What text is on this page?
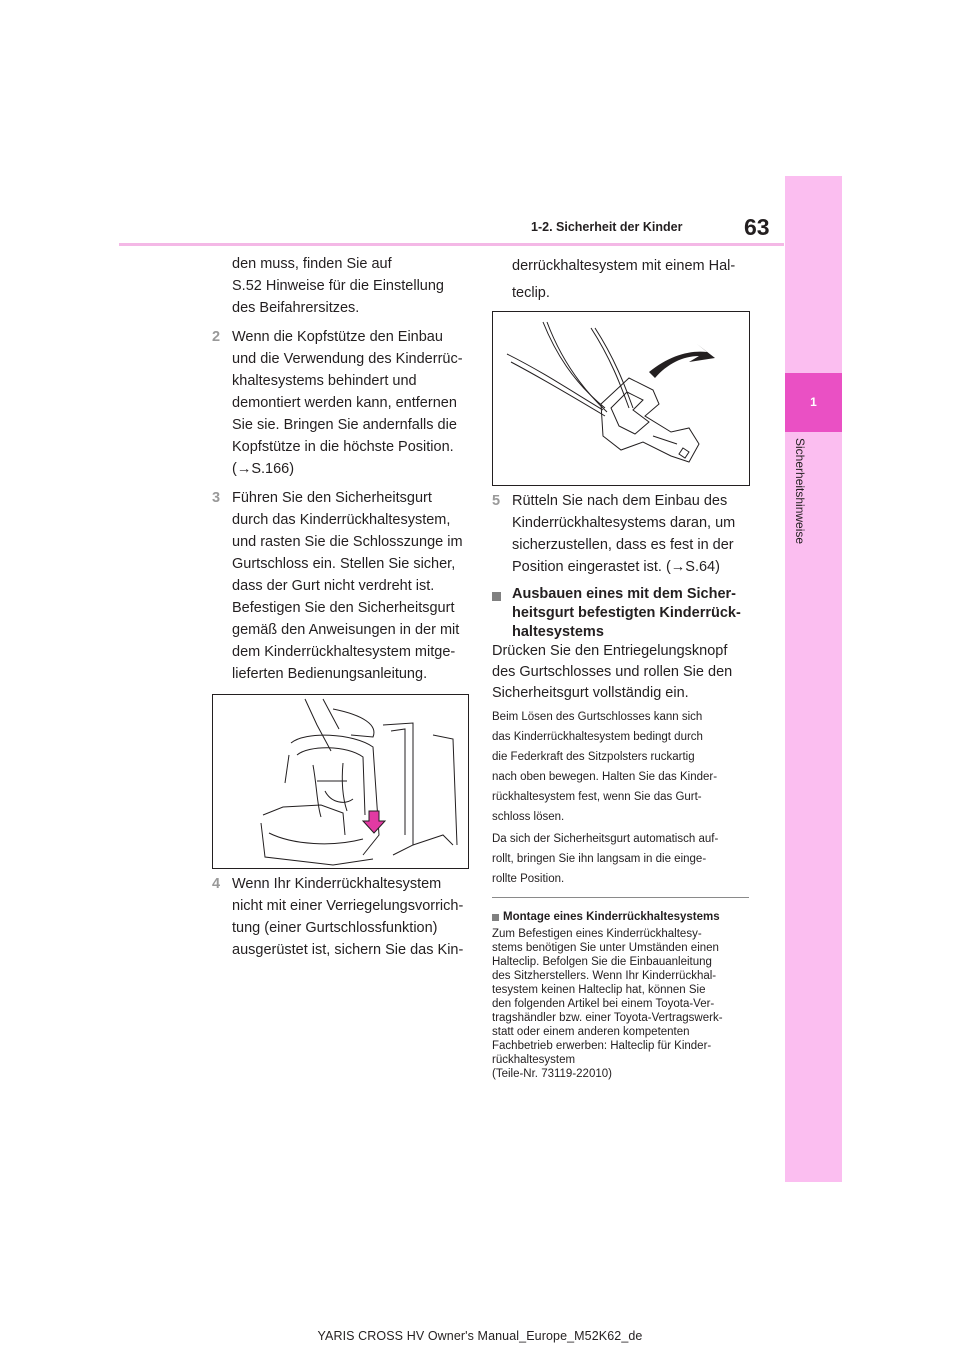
63
1-2. Sicherheit der Kinder
1
Sicherheitshinweise
den muss, finden Sie auf
S.52 Hinweise für die Einstellung
des Beifahrersitzes.
2 Wenn die Kopfstütze den Einbau
und die Verwendung des Kinderrüc-
khaltesystems behindert und
demontiert werden kann, entfernen
Sie sie. Bringen Sie andernfalls die
Kopfstütze in die höchste Position.
(→S.166)
3 Führen Sie den Sicherheitsgurt
durch das Kinderrückhaltesystem,
und rasten Sie die Schlosszunge im
Gurtschloss ein. Stellen Sie sicher,
dass der Gurt nicht verdreht ist.
Befestigen Sie den Sicherheitsgurt
gemäß den Anweisungen in der mit
dem Kinderrückhaltesystem mitge-
lieferten Bedienungsanleitung.
4 Wenn Ihr Kinderrückhaltesystem
nicht mit einer Verriegelungsvorrich-
tung (einer Gurtschlossfunktion)
ausgerüstet ist, sichern Sie das Kin-
derrückhaltesystem mit einem Hal-
teclip.
5 Rütteln Sie nach dem Einbau des
Kinderrückhaltesystems daran, um
sicherzustellen, dass es fest in der
Position eingerastet ist. (→S.64)
Ausbauen eines mit dem Sicher-
heitsgurt befestigten Kinderrück-
haltesystems
Drücken Sie den Entriegelungsknopf
des Gurtschlosses und rollen Sie den
Sicherheitsgurt vollständig ein.
Beim Lösen des Gurtschlosses kann sich
das Kinderrückhaltesystem bedingt durch
die Federkraft des Sitzpolsters ruckartig
nach oben bewegen. Halten Sie das Kinder-
rückhaltesystem fest, wenn Sie das Gurt-
schloss lösen.
Da sich der Sicherheitsgurt automatisch auf-
rollt, bringen Sie ihn langsam in die einge-
rollte Position.
Montage eines Kinderrückhaltesystems
Zum Befestigen eines Kinderrückhaltesy-
stems benötigen Sie unter Umständen einen
Halteclip. Befolgen Sie die Einbauanleitung
des Sitzherstellers. Wenn Ihr Kinderrückhal-
tesystem keinen Halteclip hat, können Sie
den folgenden Artikel bei einem Toyota-Ver-
tragshändler bzw. einer Toyota-Vertragswerk-
statt oder einem anderen kompetenten
Fachbetrieb erwerben: Halteclip für Kinder-
rückhaltesystem
(Teile-Nr. 73119-22010)
YARIS CROSS HV Owner's Manual_Europe_M52K62_de
